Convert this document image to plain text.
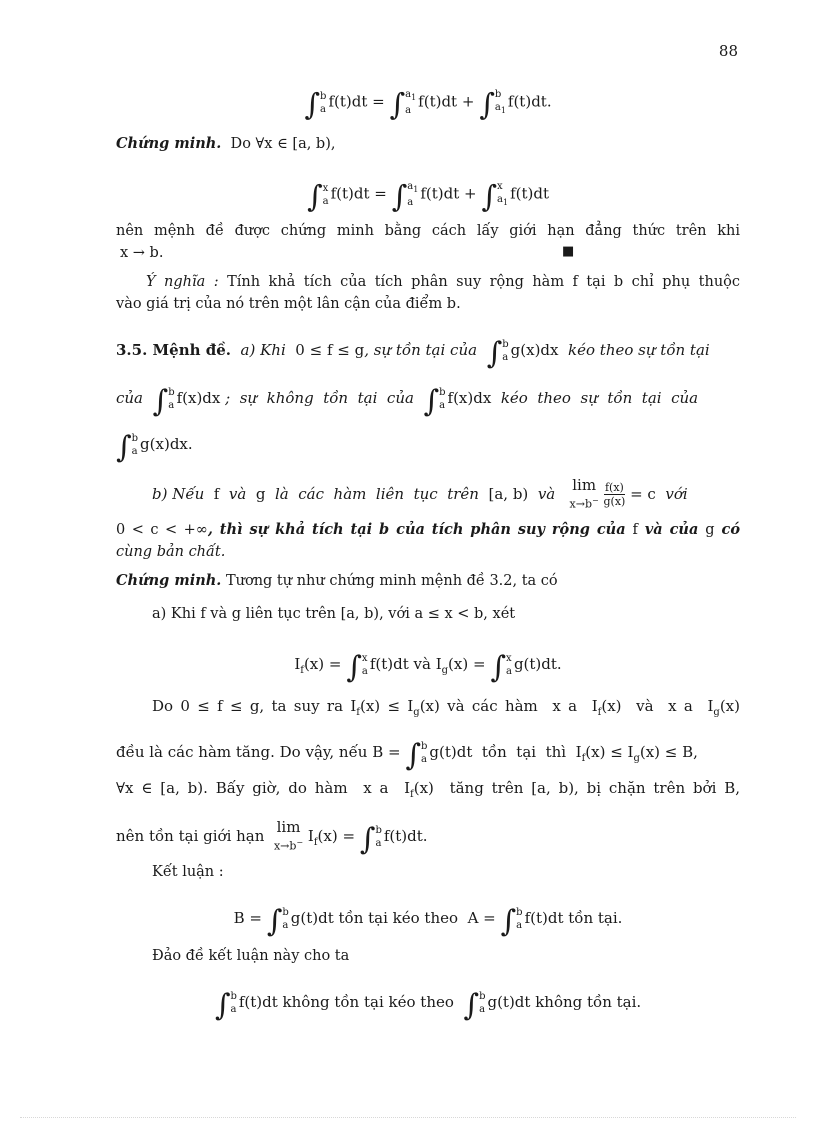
88
∫ b
a f(t)dt = ∫ $a_1$
a f(t)dt + ∫ b
$a_1$ f(t)dt.
Chứng minh.  Do ∀x ∈ [a, b),
∫ x
a f(t)dt = ∫ $a_1$
a f(t)dt + ∫ x
$a_1$ f(t)dt
nên mệnh đề được chứng minh bằng cách lấy giới hạn đẳng thức trên khi
x → b.	■
Ý nghĩa : Tính khả tích của tích phân suy rộng hàm f tại b chỉ phụ thuộc
vào giá trị của nó trên một lân cận của điểm b.
3.5. Mệnh đề.  a) Khi  0 ≤ f ≤ g, sự tồn tại của  ∫ b
a g(x)dx  kéo theo sự tồn tại
của  ∫ b
a f(x)dx ;  sự  không  tồn  tại  của  ∫ b
a f(x)dx  kéo  theo  sự  tồn  tại  của
∫ b
a g(x)dx.
b) Nếu  f  và  g  là  các  hàm  liên  tục  trên  [a, b)  và lim
x→b−
$\frac{f(x)}{g(x)} = c$  với
0 < c < +∞, thì sự khả tích tại b của tích phân suy rộng của f và của g có
cùng bản chất.
Chứng minh. Tương tự như chứng minh mệnh đề 3.2, ta có
a) Khi f và g liên tục trên [a, b), với a ≤ x < b, xét
$I_f(x)$ = ∫ x
a f(t)dt và $I_g(x)$ = ∫ x
a g(t)dt.
Do 0 ≤ f ≤ g, ta suy ra $I_f(x) \le I_g(x)$ và các hàm  x a  $I_f(x)$  và  x a  $I_g(x)$
đều là các hàm tăng. Do vậy, nếu B = ∫ b
a g(t)dt  tồn  tại  thì  $I_f(x) \le I_g(x) \le B$,
∀x ∈ [a, b). Bấy giờ, do hàm  x a  $I_f(x)$  tăng trên [a, b), bị chặn trên bởi B,
nên tồn tại giới hạn lim
x→b− $I_f(x)$ = ∫ b
a f(t)dt.
Kết luận :
B = ∫ b
a g(t)dt tồn tại kéo theo  A = ∫ b
a f(t)dt tồn tại.
Đảo đề kết luận này cho ta
∫ b
a f(t)dt không tồn tại kéo theo  ∫ b
a g(t)dt không tồn tại.
